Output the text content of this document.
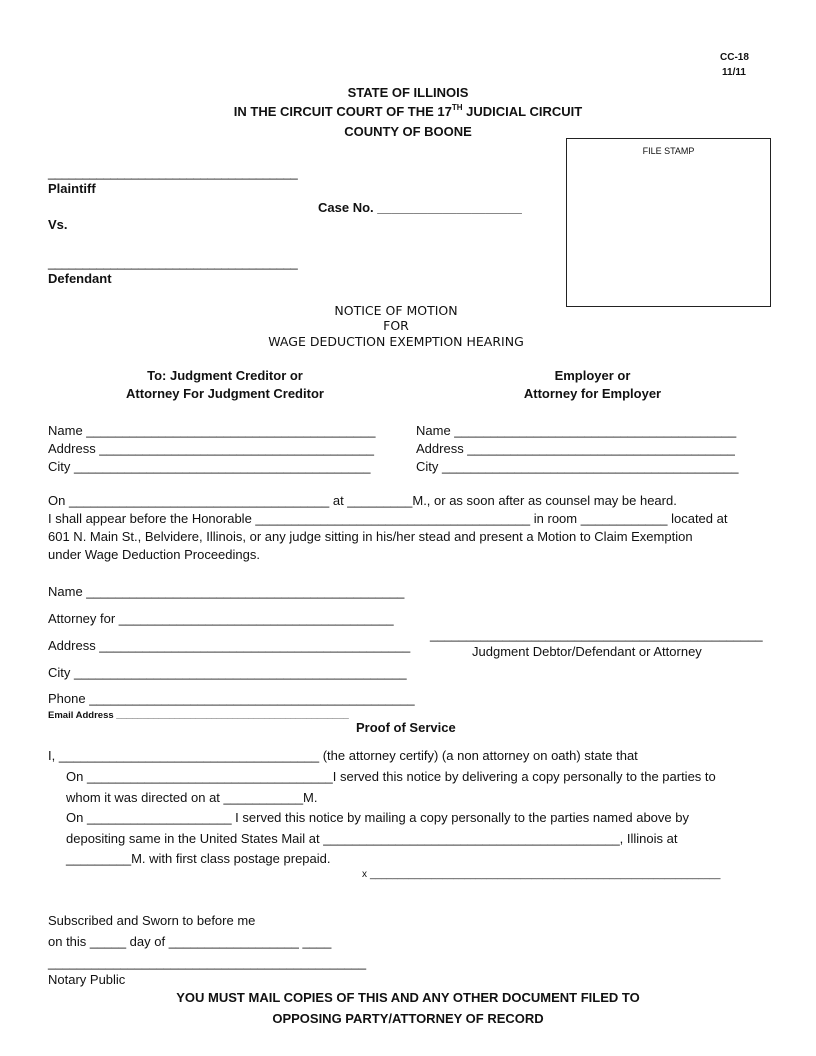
CC-18
11/11
STATE OF ILLINOIS
IN THE CIRCUIT COURT OF THE 17TH JUDICIAL CIRCUIT
COUNTY OF BOONE
FILE STAMP
____________________________________
Plaintiff
Case No. ____________________
Vs.
____________________________________
Defendant
NOTICE OF MOTION
FOR
WAGE DEDUCTION EXEMPTION HEARING
To: Judgment Creditor or
Attorney For Judgment Creditor
Employer or
Attorney for Employer
Name ________________________________________
Address ______________________________________
City _________________________________________
Name _______________________________________
Address _____________________________________
City _________________________________________
On ____________________________________ at _________M., or as soon after as counsel may be heard.
I shall appear before the Honorable ______________________________________ in room ____________ located at
601 N. Main St., Belvidere, Illinois, or any judge sitting in his/her stead and present a Motion to Claim Exemption
under Wage Deduction Proceedings.
Name ____________________________________________
Attorney for ______________________________________
Address ___________________________________________
City ______________________________________________
Phone _____________________________________________
Email Address ____________________________________________
______________________________________________
Judgment Debtor/Defendant or Attorney
Proof of Service
I, ____________________________________ (the attorney certify) (a non attorney on oath) state that
On __________________________________I served this notice by delivering a copy personally to the parties to
whom it was directed on at ___________M.
On ____________________ I served this notice by mailing a copy personally to the parties named above by
depositing same in the United States Mail at _________________________________________, Illinois at
_________M. with first class postage prepaid.
x _______________________________________________________________
Subscribed and Sworn to before me
on this _____ day of __________________ ____
____________________________________________
Notary Public
YOU MUST MAIL COPIES OF THIS AND ANY OTHER DOCUMENT FILED TO
OPPOSING PARTY/ATTORNEY OF RECORD
